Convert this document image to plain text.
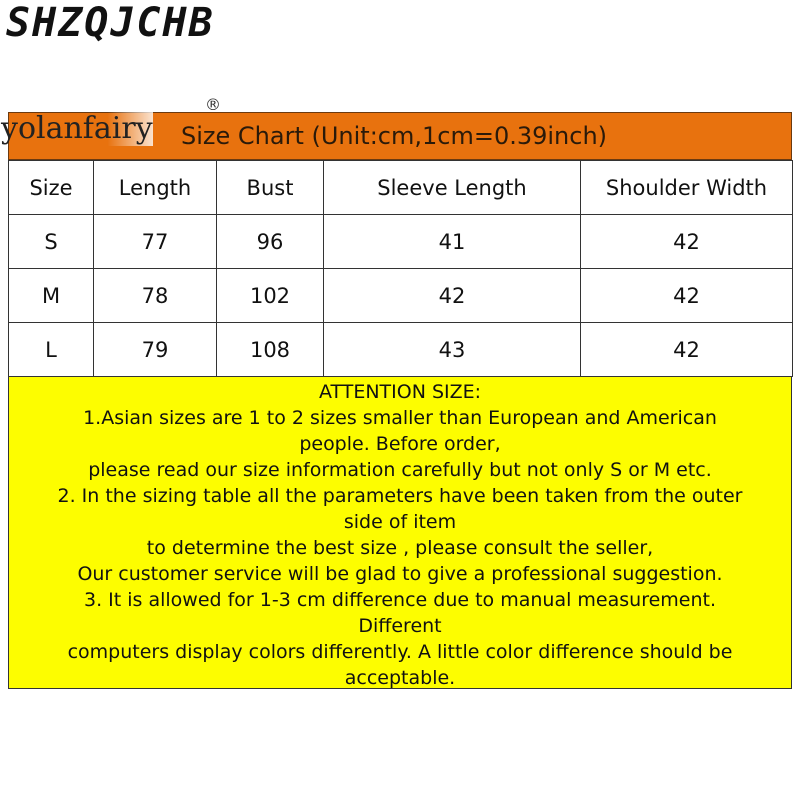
SHZQJCHB
yolanfairy
®
Size Chart (Unit:cm,1cm=0.39inch)
Size	Length	Bust	Sleeve Length	Shoulder Width
S	77	96	41	42
M	78	102	42	42
L	79	108	43	42
ATTENTION SIZE:
1.Asian sizes are 1 to 2 sizes smaller than European and American
people. Before order,
please read our size information carefully but not only S or M etc.
2. In the sizing table all the parameters have been taken from the outer
side of item
to determine the best size , please consult the seller,
Our customer service will be glad to give a professional suggestion.
3. It is allowed for 1-3 cm difference due to manual measurement.
Different
computers display colors differently. A little color difference should be
acceptable.
